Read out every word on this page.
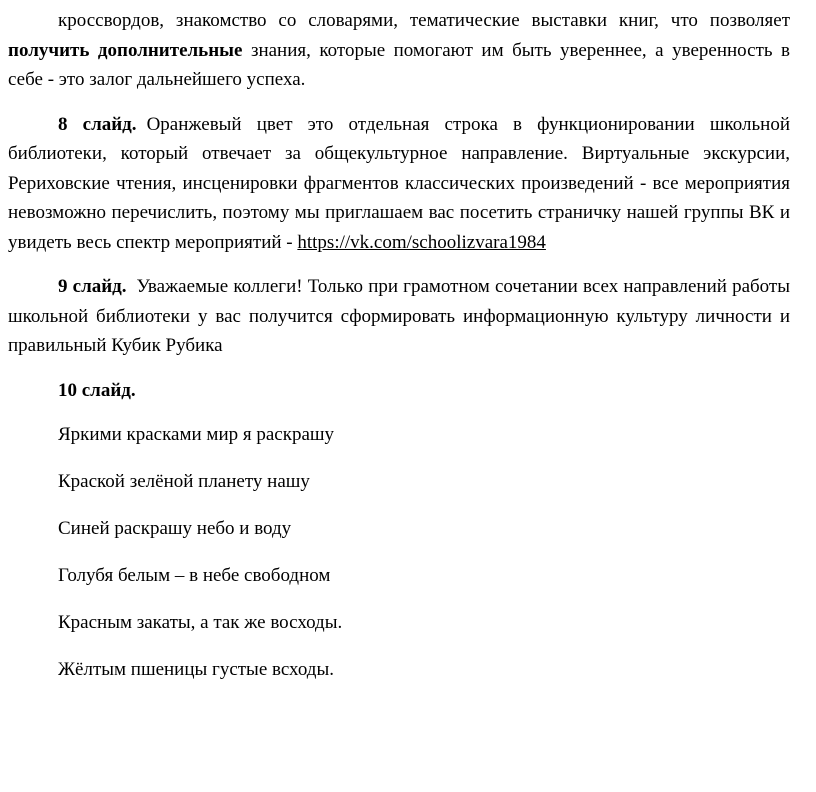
кроссвордов, знакомство со словарями, тематические выставки книг, что позволяет получить дополнительные знания, которые помогают им быть увереннее, а уверенность в себе - это залог дальнейшего успеха.

8 слайд. Оранжевый цвет это отдельная строка в функционировании школьной библиотеки, который отвечает за общекультурное направление. Виртуальные экскурсии, Рериховские чтения, инсценировки фрагментов классических произведений - все мероприятия невозможно перечислить, поэтому мы приглашаем вас посетить страничку нашей группы ВК и увидеть весь спектр мероприятий - https://vk.com/schoolizvara1984

9 слайд. Уважаемые коллеги! Только при грамотном сочетании всех направлений работы школьной библиотеки у вас получится сформировать информационную культуру личности и правильный Кубик Рубика

10 слайд.

Яркими красками мир я раскрашу

Краской зелёной планету нашу

Синей раскрашу небо и воду

Голубя белым – в небе свободном

Красным закаты, а так же восходы.

Жёлтым пшеницы густые всходы.
